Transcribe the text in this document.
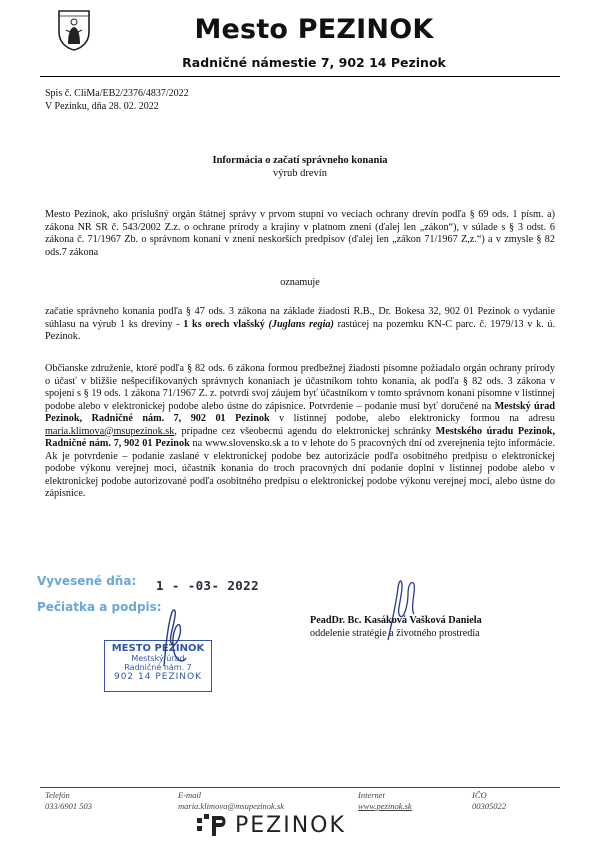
Mesto PEZINOK
Radničné námestie 7, 902 14 Pezinok
Spis č. CliMa/EB2/2376/4837/2022
V Pezinku, dňa 28. 02. 2022
Informácia o začatí správneho konania
výrub drevín
Mesto Pezinok, ako príslušný orgán štátnej správy v prvom stupni vo veciach ochrany drevín podľa § 69 ods. 1 písm. a) zákona NR SR č. 543/2002 Z.z. o ochrane prírody a krajiny v platnom znení (ďalej len „zákon“), v súlade s § 3 odst. 6 zákona č. 71/1967 Zb. o správnom konaní v znení neskorších predpisov (ďalej len „zákon 71/1967 Z,z.“) a v zmysle § 82 ods.7 zákona
oznamuje
začatie správneho konania podľa § 47 ods. 3 zákona na základe žiadosti R.B., Dr. Bokesa 32, 902 01 Pezinok o vydanie súhlasu na výrub 1 ks dreviny - 1 ks orech vlašský (Juglans regia) rastúcej na pozemku KN-C parc. č. 1979/13 v k. ú. Pezinok.
Občianske združenie, ktoré podľa § 82 ods. 6 zákona formou predbežnej žiadosti písomne požiadalo orgán ochrany prírody o účasť v bližšie nešpecifikovaných správnych konaniach je účastníkom tohto konania, ak podľa § 82 ods. 3 zákona v spojení s § 19 ods. 1 zákona 71/1967 Z. z. potvrdí svoj záujem byť účastníkom v tomto správnom konaní písomne v listinnej podobe alebo v elektronickej podobe alebo ústne do zápisnice. Potvrdenie – podanie musí byť doručené na Mestský úrad Pezinok, Radničné nám. 7, 902 01 Pezinok v listinnej podobe, alebo elektronicky formou na adresu maria.klimova@msupezinok.sk, prípadne cez všeobecnú agendu do elektronickej schránky Mestského úradu Pezinok, Radničné nám. 7, 902 01 Pezinok na www.slovensko.sk a to v lehote do 5 pracovných dní od zverejnenia tejto informácie. Ak je potvrdenie – podanie zaslané v elektronickej podobe bez autorizácie podľa osobitného predpisu o elektronickej podobe výkonu verejnej moci, účastník konania do troch pracovných dní podanie doplní v listinnej podobe alebo v elektronickej podobe autorizované podľa osobitného predpisu o elektronickej podobe výkonu verejnej moci, alebo ústne do zápisnice.
Vyvesené dňa: 1 - -03- 2022
Pečiatka a podpis:
MESTO PEZINOK
Mestský úrad
Radničné nám. 7
902 14 PEZINOK
PeadDr. Bc. Kasáková Vašková Daniela
oddelenie stratégie a životného prostredia
Telefón
033/6901 503
E-mail
maria.klimova@msupezinok.sk
Internet
www.pezinok.sk
IČO
00305022
PEZINOK
